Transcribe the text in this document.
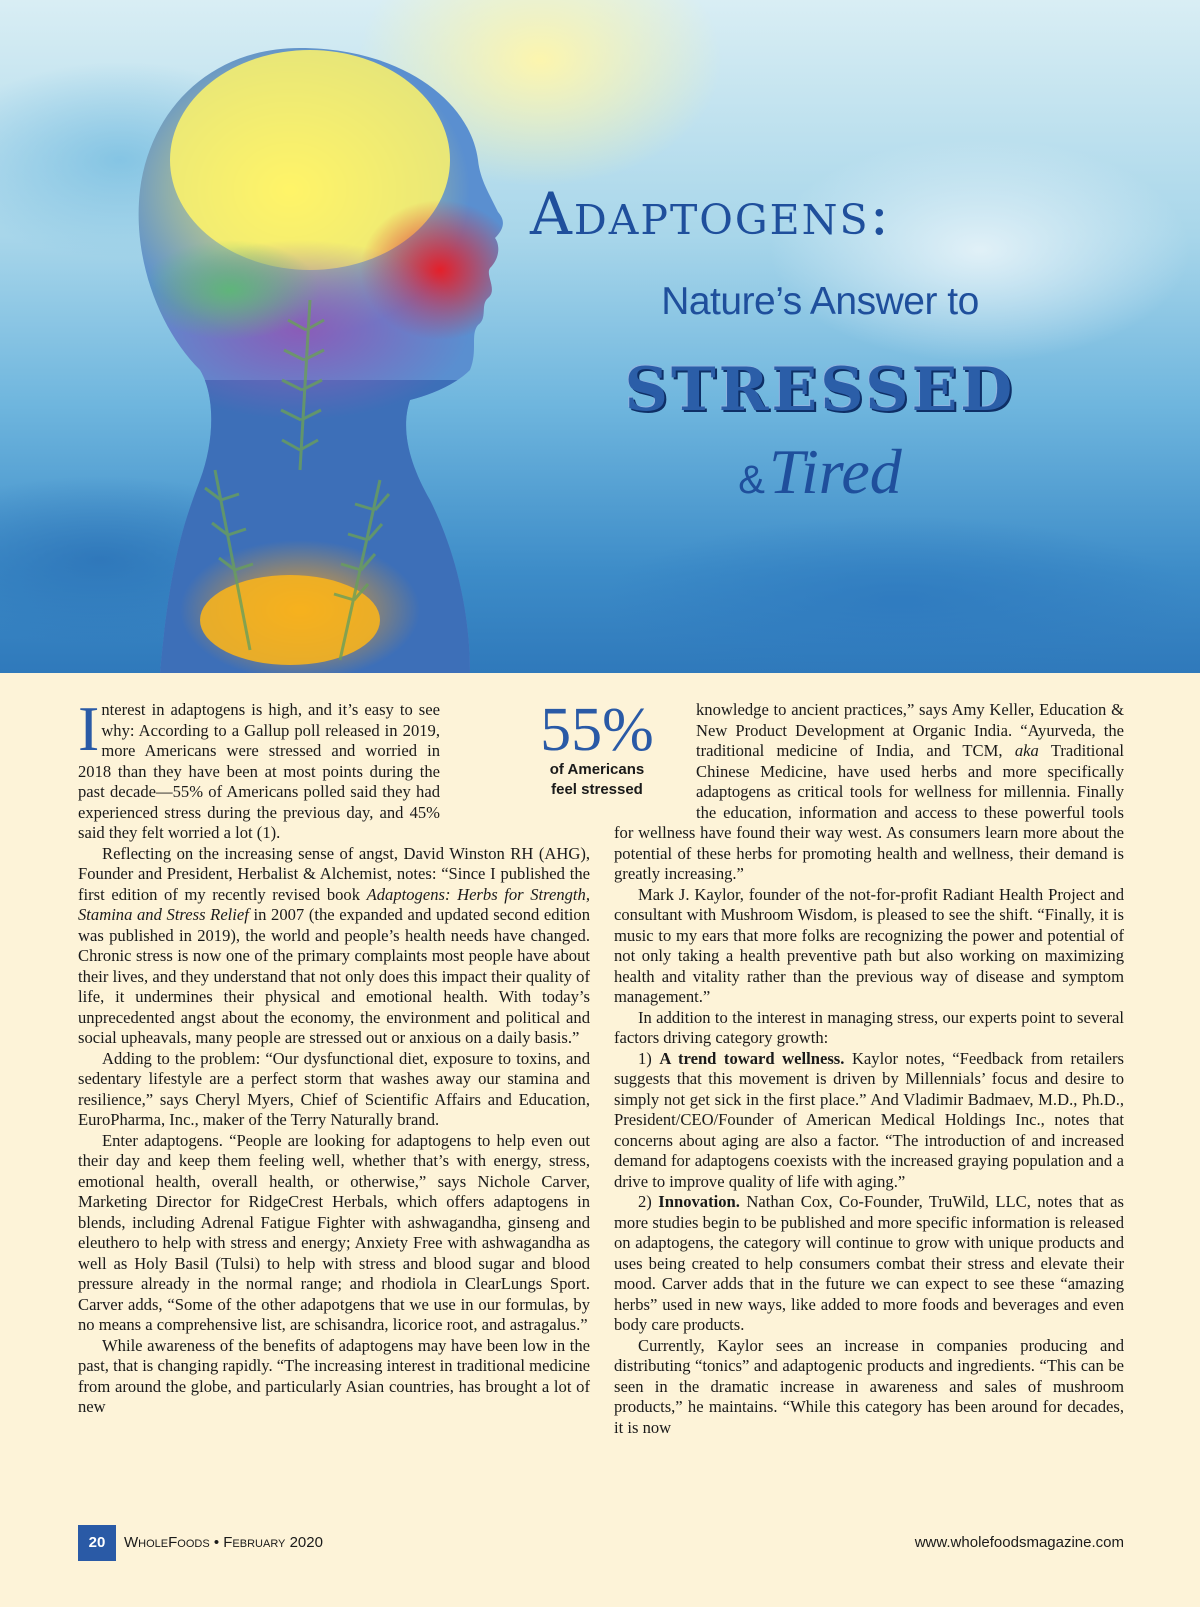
Adaptogens:
Nature’s Answer to
STRESSED
& Tired
55%
of Americans
feel stressed

Interest in adaptogens is high, and it’s easy to see why: According to a Gallup poll released in 2019, more Americans were stressed and worried in 2018 than they have been at most points during the past decade—55% of Americans polled said they had experienced stress during the previous day, and 45% said they felt worried a lot (1).

Reflecting on the increasing sense of angst, David Winston RH (AHG), Founder and President, Herbalist & Alchemist, notes: “Since I published the first edition of my recently revised book Adaptogens: Herbs for Strength, Stamina and Stress Relief in 2007 (the expanded and updated second edition was published in 2019), the world and people’s health needs have changed. Chronic stress is now one of the primary complaints most people have about their lives, and they understand that not only does this impact their quality of life, it undermines their physical and emotional health. With today’s unprecedented angst about the economy, the environment and political and social upheavals, many people are stressed out or anxious on a daily basis.”

Adding to the problem: “Our dysfunctional diet, exposure to toxins, and sedentary lifestyle are a perfect storm that washes away our stamina and resilience,” says Cheryl Myers, Chief of Scientific Affairs and Education, EuroPharma, Inc., maker of the Terry Naturally brand.

Enter adaptogens. “People are looking for adaptogens to help even out their day and keep them feeling well, whether that’s with energy, stress, emotional health, overall health, or otherwise,” says Nichole Carver, Marketing Director for RidgeCrest Herbals, which offers adaptogens in blends, including Adrenal Fatigue Fighter with ashwagandha, ginseng and eleuthero to help with stress and energy; Anxiety Free with ashwagandha as well as Holy Basil (Tulsi) to help with stress and blood sugar and blood pressure already in the normal range; and rhodiola in ClearLungs Sport. Carver adds, “Some of the other adapotgens that we use in our formulas, by no means a comprehensive list, are schisandra, licorice root, and astragalus.”

While awareness of the benefits of adaptogens may have been low in the past, that is changing rapidly. “The increasing interest in traditional medicine from around the globe, and particularly Asian countries, has brought a lot of new

knowledge to ancient practices,” says Amy Keller, Education & New Product Development at Organic India. “Ayurveda, the traditional medicine of India, and TCM, aka Traditional Chinese Medicine, have used herbs and more specifically adaptogens as critical tools for wellness for millennia. Finally the education, information and access to these powerful tools for wellness have found their way west. As consumers learn more about the potential of these herbs for promoting health and wellness, their demand is greatly increasing.”

Mark J. Kaylor, founder of the not-for-profit Radiant Health Project and consultant with Mushroom Wisdom, is pleased to see the shift. “Finally, it is music to my ears that more folks are recognizing the power and potential of not only taking a health preventive path but also working on maximizing health and vitality rather than the previous way of disease and symptom management.”

In addition to the interest in managing stress, our experts point to several factors driving category growth:

1) A trend toward wellness. Kaylor notes, “Feedback from retailers suggests that this movement is driven by Millennials’ focus and desire to simply not get sick in the first place.” And Vladimir Badmaev, M.D., Ph.D., President/CEO/Founder of American Medical Holdings Inc., notes that concerns about aging are also a factor. “The introduction of and increased demand for adaptogens coexists with the increased graying population and a drive to improve quality of life with aging.”

2) Innovation. Nathan Cox, Co-Founder, TruWild, LLC, notes that as more studies begin to be published and more specific information is released on adaptogens, the category will continue to grow with unique products and uses being created to help consumers combat their stress and elevate their mood. Carver adds that in the future we can expect to see these “amazing herbs” used in new ways, like added to more foods and beverages and even body care products.

Currently, Kaylor sees an increase in companies producing and distributing “tonics” and adaptogenic products and ingredients. “This can be seen in the dramatic increase in awareness and sales of mushroom products,” he maintains. “While this category has been around for decades, it is now

20	WholeFoods • February 2020	www.wholefoodsmagazine.com
